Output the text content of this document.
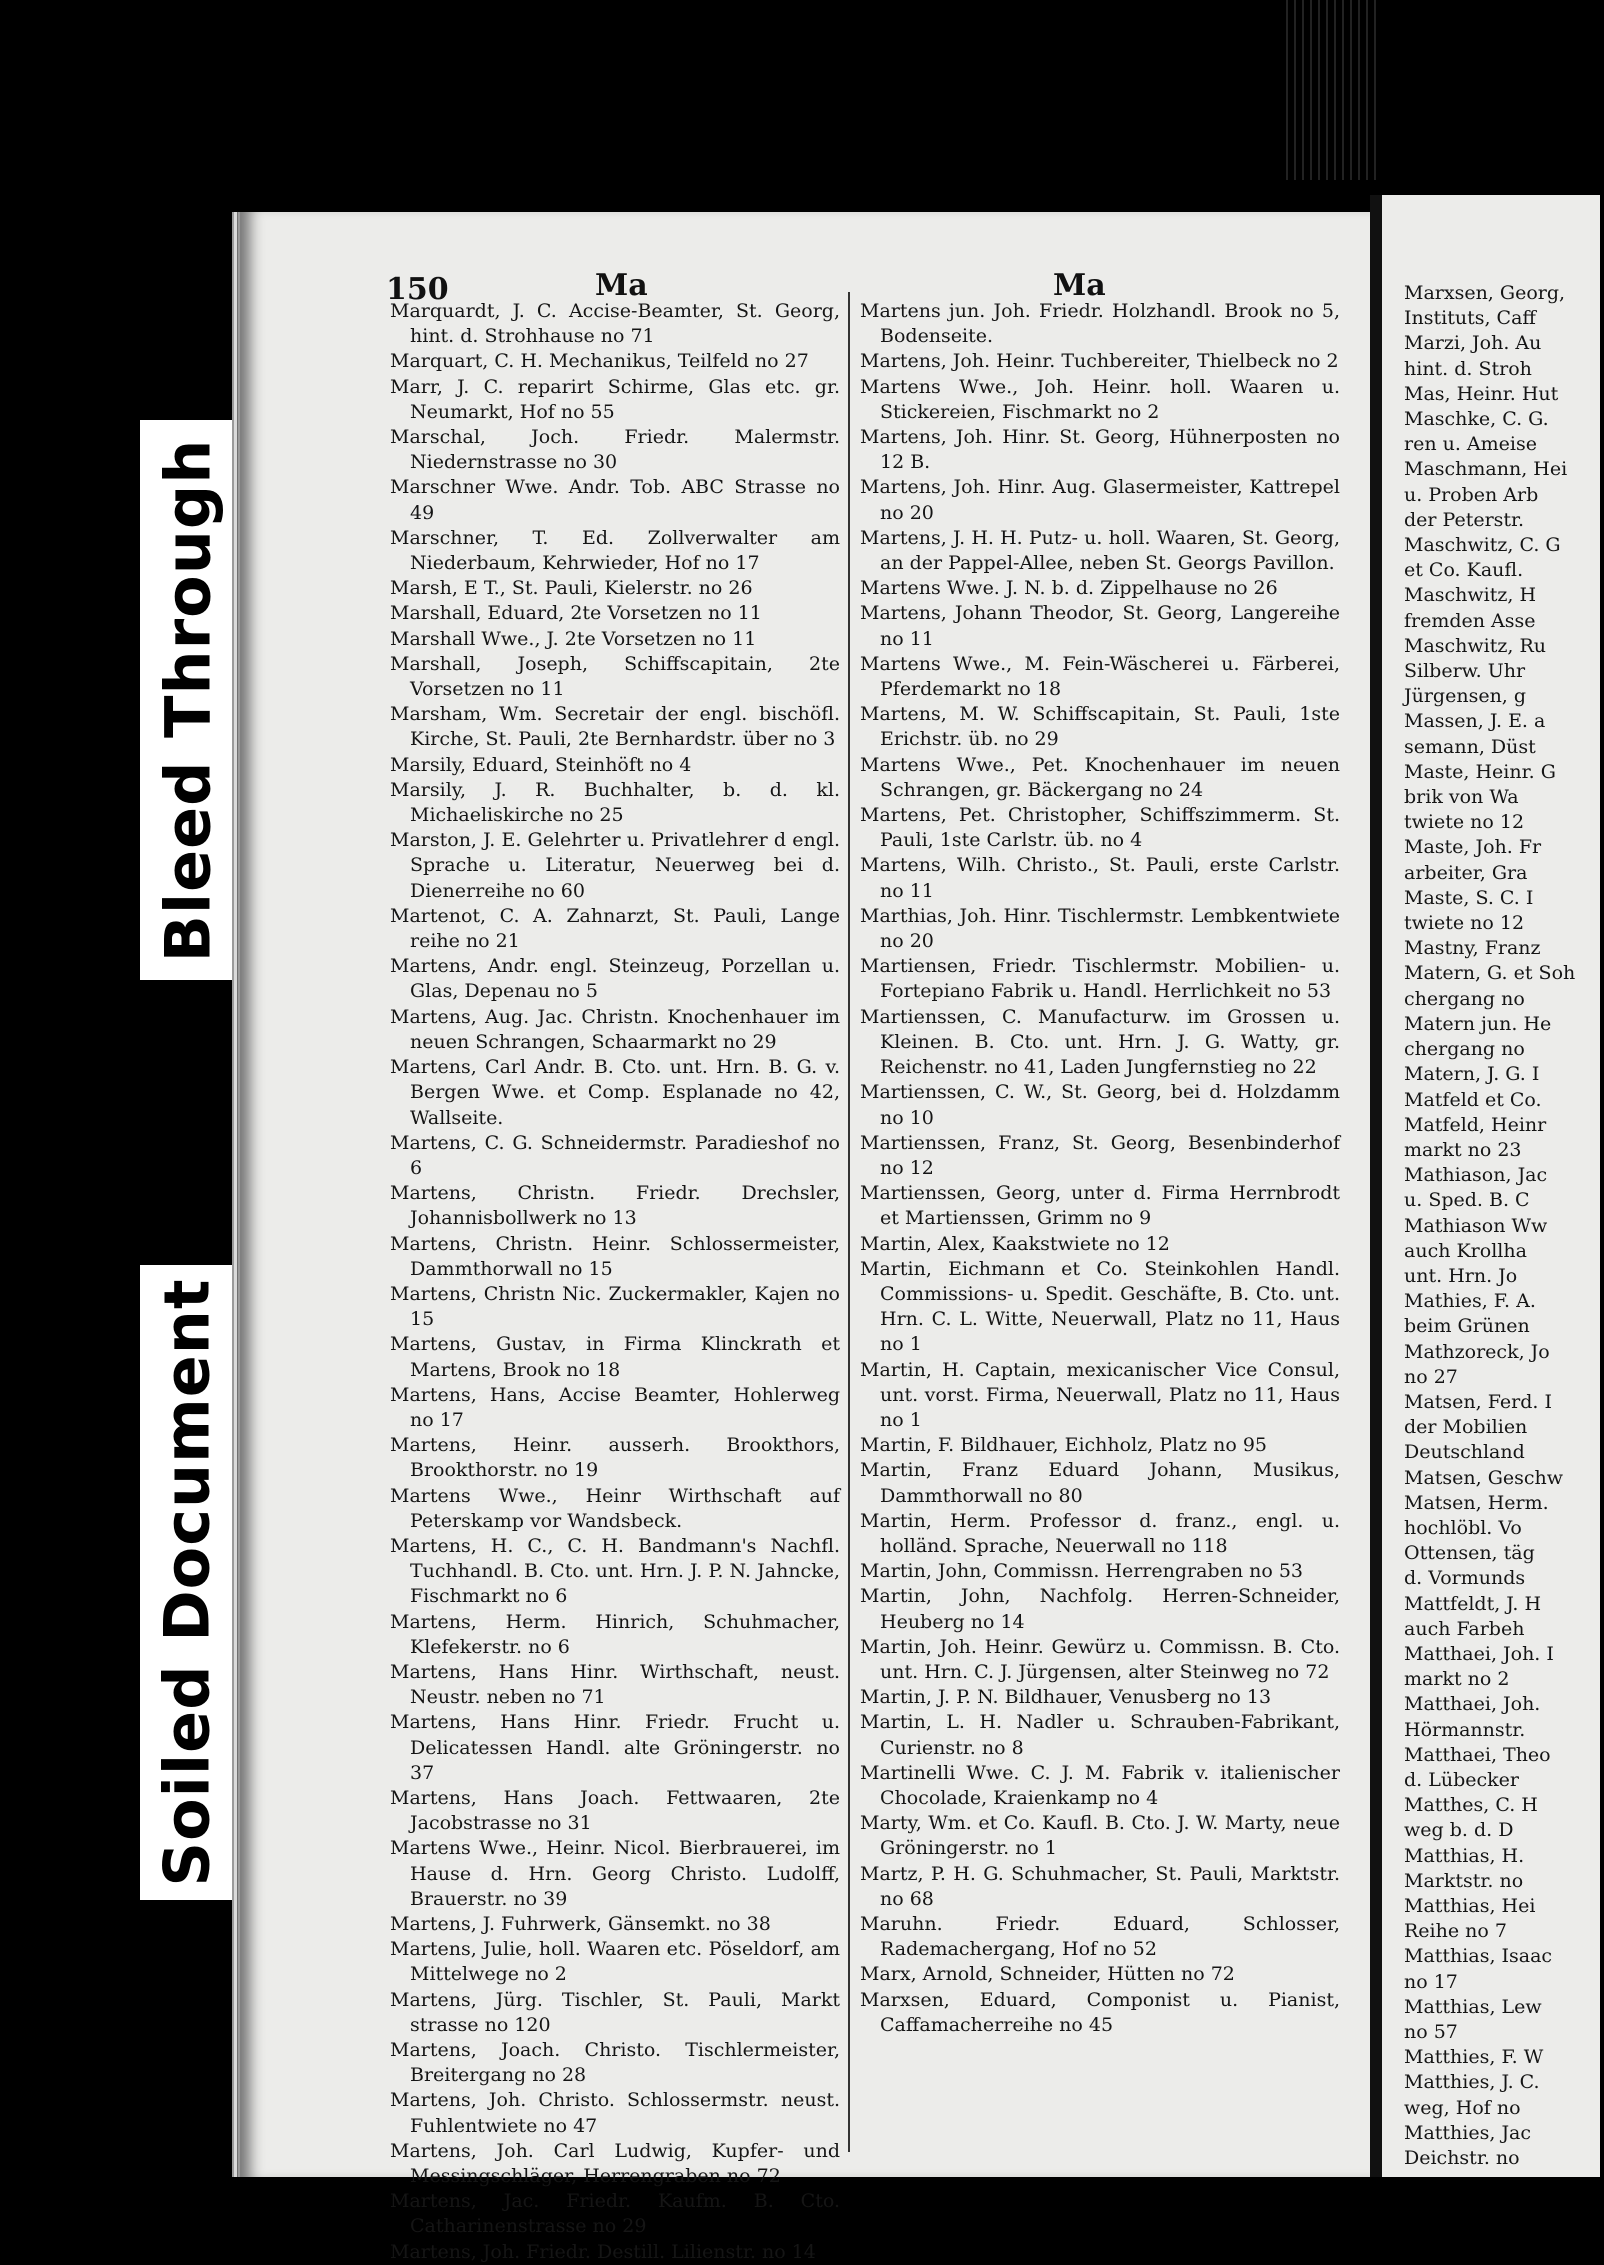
Bleed Through
Soiled Document
150	Ma	Ma

Marquardt, J. C. Accise-Beamter, St. Georg, hint. d. Strohhause no 71

Marquart, C. H. Mechanikus, Teilfeld no 27

Marr, J. C. reparirt Schirme, Glas etc. gr. Neumarkt, Hof no 55

Marschal, Joch. Friedr. Malermstr. Niedernstrasse no 30

Marschner Wwe. Andr. Tob. ABC Strasse no 49

Marschner, T. Ed. Zollverwalter am Niederbaum, Kehrwieder, Hof no 17

Marsh, E T., St. Pauli, Kielerstr. no 26

Marshall, Eduard, 2te Vorsetzen no 11

Marshall Wwe., J. 2te Vorsetzen no 11

Marshall, Joseph, Schiffscapitain, 2te Vorsetzen no 11

Marsham, Wm. Secretair der engl. bischöfl. Kirche, St. Pauli, 2te Bernhardstr. über no 3

Marsily, Eduard, Steinhöft no 4

Marsily, J. R. Buchhalter, b. d. kl. Michaeliskirche no 25

Marston, J. E. Gelehrter u. Privatlehrer d engl. Sprache u. Literatur, Neuerweg bei d. Dienerreihe no 60

Martenot, C. A. Zahnarzt, St. Pauli, Lange reihe no 21

Martens, Andr. engl. Steinzeug, Porzellan u. Glas, Depenau no 5

Martens, Aug. Jac. Christn. Knochenhauer im neuen Schrangen, Schaarmarkt no 29

Martens, Carl Andr. B. Cto. unt. Hrn. B. G. v. Bergen Wwe. et Comp. Esplanade no 42, Wallseite.

Martens, C. G. Schneidermstr. Paradieshof no 6

Martens, Christn. Friedr. Drechsler, Johannisbollwerk no 13

Martens, Christn. Heinr. Schlossermeister, Dammthorwall no 15

Martens, Christn Nic. Zuckermakler, Kajen no 15

Martens, Gustav, in Firma Klinckrath et Martens, Brook no 18

Martens, Hans, Accise Beamter, Hohlerweg no 17

Martens, Heinr. ausserh. Brookthors, Brookthorstr. no 19

Martens Wwe., Heinr Wirthschaft auf Peterskamp vor Wandsbeck.

Martens, H. C., C. H. Bandmann's Nachfl. Tuchhandl. B. Cto. unt. Hrn. J. P. N. Jahncke, Fischmarkt no 6

Martens, Herm. Hinrich, Schuhmacher, Klefekerstr. no 6

Martens, Hans Hinr. Wirthschaft, neust. Neustr. neben no 71

Martens, Hans Hinr. Friedr. Frucht u. Delicatessen Handl. alte Gröningerstr. no 37

Martens, Hans Joach. Fettwaaren, 2te Jacobstrasse no 31

Martens Wwe., Heinr. Nicol. Bierbrauerei, im Hause d. Hrn. Georg Christo. Ludolff, Brauerstr. no 39

Martens, J. Fuhrwerk, Gänsemkt. no 38

Martens, Julie, holl. Waaren etc. Pöseldorf, am Mittelwege no 2

Martens, Jürg. Tischler, St. Pauli, Markt strasse no 120

Martens, Joach. Christo. Tischlermeister, Breitergang no 28

Martens, Joh. Christo. Schlossermstr. neust. Fuhlentwiete no 47

Martens, Joh. Carl Ludwig, Kupfer- und Messingschläger, Herrengraben no 72

Martens, Jac. Friedr. Kaufm. B. Cto. Catharinenstrasse no 29

Martens, Joh. Friedr. Destill. Lilienstr. no 14

Martens jun. Joh. Friedr. Holzhandl. Brook no 5, Bodenseite.

Martens, Joh. Heinr. Tuchbereiter, Thielbeck no 2

Martens Wwe., Joh. Heinr. holl. Waaren u. Stickereien, Fischmarkt no 2

Martens, Joh. Hinr. St. Georg, Hühnerposten no 12 B.

Martens, Joh. Hinr. Aug. Glasermeister, Kattrepel no 20

Martens, J. H. H. Putz- u. holl. Waaren, St. Georg, an der Pappel-Allee, neben St. Georgs Pavillon.

Martens Wwe. J. N. b. d. Zippelhause no 26

Martens, Johann Theodor, St. Georg, Langereihe no 11

Martens Wwe., M. Fein-Wäscherei u. Färberei, Pferdemarkt no 18

Martens, M. W. Schiffscapitain, St. Pauli, 1ste Erichstr. üb. no 29

Martens Wwe., Pet. Knochenhauer im neuen Schrangen, gr. Bäckergang no 24

Martens, Pet. Christopher, Schiffszimmerm. St. Pauli, 1ste Carlstr. üb. no 4

Martens, Wilh. Christo., St. Pauli, erste Carlstr. no 11

Marthias, Joh. Hinr. Tischlermstr. Lembkentwiete no 20

Martiensen, Friedr. Tischlermstr. Mobilien- u. Fortepiano Fabrik u. Handl. Herrlichkeit no 53

Martienssen, C. Manufacturw. im Grossen u. Kleinen. B. Cto. unt. Hrn. J. G. Watty, gr. Reichenstr. no 41, Laden Jungfernstieg no 22

Martienssen, C. W., St. Georg, bei d. Holzdamm no 10

Martienssen, Franz, St. Georg, Besenbinderhof no 12

Martienssen, Georg, unter d. Firma Herrnbrodt et Martienssen, Grimm no 9

Martin, Alex, Kaakstwiete no 12

Martin, Eichmann et Co. Steinkohlen Handl. Commissions- u. Spedit. Geschäfte, B. Cto. unt. Hrn. C. L. Witte, Neuerwall, Platz no 11, Haus no 1

Martin, H. Captain, mexicanischer Vice Consul, unt. vorst. Firma, Neuerwall, Platz no 11, Haus no 1

Martin, F. Bildhauer, Eichholz, Platz no 95

Martin, Franz Eduard Johann, Musikus, Dammthorwall no 80

Martin, Herm. Professor d. franz., engl. u. holländ. Sprache, Neuerwall no 118

Martin, John, Commissn. Herrengraben no 53

Martin, John, Nachfolg. Herren-Schneider, Heuberg no 14

Martin, Joh. Heinr. Gewürz u. Commissn. B. Cto. unt. Hrn. C. J. Jürgensen, alter Steinweg no 72

Martin, J. P. N. Bildhauer, Venusberg no 13

Martin, L. H. Nadler u. Schrauben-Fabrikant, Curienstr. no 8

Martinelli Wwe. C. J. M. Fabrik v. italienischer Chocolade, Kraienkamp no 4

Marty, Wm. et Co. Kaufl. B. Cto. J. W. Marty, neue Gröningerstr. no 1

Martz, P. H. G. Schuhmacher, St. Pauli, Marktstr. no 68

Maruhn. Friedr. Eduard, Schlosser, Rademachergang, Hof no 52

Marx, Arnold, Schneider, Hütten no 72

Marxsen, Eduard, Componist u. Pianist, Caffamacherreihe no 45

Marxsen, Georg,

Instituts, Caff

Marzi, Joh. Au

hint. d. Stroh

Mas, Heinr. Hut

Maschke, C. G.

ren u. Ameise

Maschmann, Hei

u. Proben Arb

der Peterstr.

Maschwitz, C. G

et Co. Kaufl.

Maschwitz, H

fremden Asse

Maschwitz, Ru

Silberw. Uhr

Jürgensen, g

Massen, J. E. a

semann, Düst

Maste, Heinr. G

brik von Wa

twiete no 12

Maste, Joh. Fr

arbeiter, Gra

Maste, S. C. I

twiete no 12

Mastny, Franz

Matern, G. et Soh

chergang no

Matern jun. He

chergang no

Matern, J. G. I

Matfeld et Co.

Matfeld, Heinr

markt no 23

Mathiason, Jac

u. Sped. B. C

Mathiason Ww

auch Krollha

unt. Hrn. Jo

Mathies, F. A.

beim Grünen

Mathzoreck, Jo

no 27

Matsen, Ferd. I

der Mobilien

Deutschland

Matsen, Geschw

Matsen, Herm.

hochlöbl. Vo

Ottensen, täg

d. Vormunds

Mattfeldt, J. H

auch Farbeh

Matthaei, Joh. I

markt no 2

Matthaei, Joh.

Hörmannstr.

Matthaei, Theo

d. Lübecker

Matthes, C. H

weg b. d. D

Matthias, H.

Marktstr. no

Matthias, Hei

Reihe no 7

Matthias, Isaac

no 17

Matthias, Lew

no 57

Matthies, F. W

Matthies, J. C.

weg, Hof no

Matthies, Jac

Deichstr. no
